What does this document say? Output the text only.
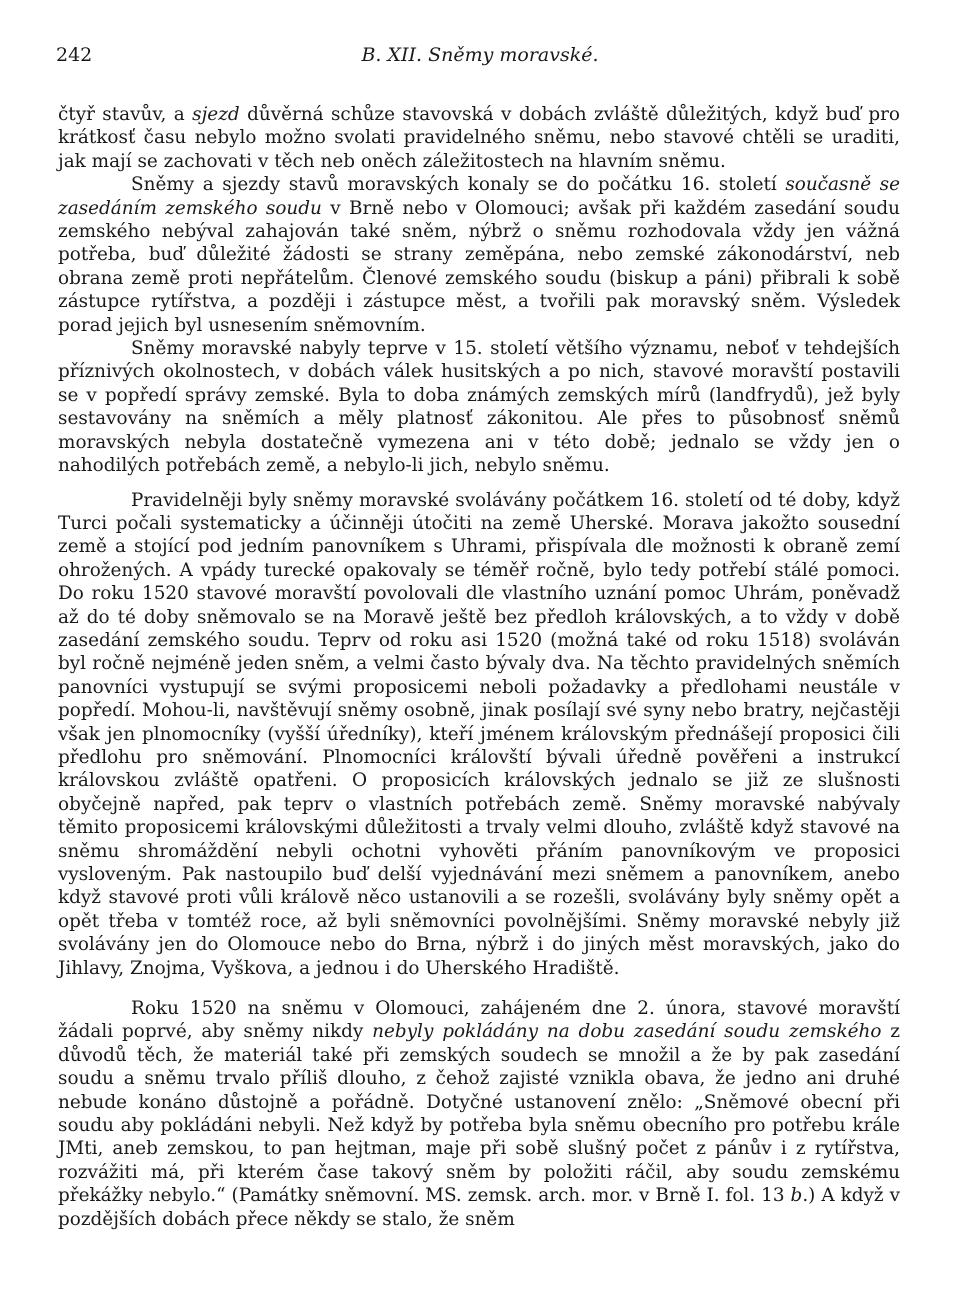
242	B. XII. Sněmy moravské.

čtyř stavův, a sjezd důvěrná schůze stavovská v dobách zvláště důležitých, když buď pro krátkosť času nebylo možno svolati pravidelného sněmu, nebo stavové chtěli se uraditi, jak mají se zachovati v těch neb oněch záležitostech na hlavním sněmu.

Sněmy a sjezdy stavů moravských konaly se do počátku 16. století současně se zasedáním zemského soudu v Brně nebo v Olomouci; avšak při každém zasedání soudu zemského nebýval zahajován také sněm, nýbrž o sněmu rozhodovala vždy jen vážná potřeba, buď důležité žádosti se strany zeměpána, nebo zemské zákonodárství, neb obrana země proti nepřátelům. Členové zemského soudu (biskup a páni) přibrali k sobě zástupce rytířstva, a později i zástupce měst, a tvořili pak moravský sněm. Výsledek porad jejich byl usnesením sněmovním.

Sněmy moravské nabyly teprve v 15. století většího významu, neboť v tehdejších příznivých okolnostech, v dobách válek husitských a po nich, stavové moravští postavili se v popředí správy zemské. Byla to doba známých zemských mírů (landfrydů), jež byly sestavovány na sněmích a měly platnosť zákonitou. Ale přes to působnosť sněmů moravských nebyla dostatečně vymezena ani v této době; jednalo se vždy jen o nahodilých potřebách země, a nebylo-li jich, nebylo sněmu.

Pravidelněji byly sněmy moravské svolávány počátkem 16. století od té doby, když Turci počali systematicky a účinněji útočiti na země Uherské. Morava jakožto sousední země a stojící pod jedním panovníkem s Uhrami, přispívala dle možnosti k obraně zemí ohrožených. A vpády turecké opakovaly se téměř ročně, bylo tedy potřebí stálé pomoci. Do roku 1520 stavové moravští povolovali dle vlastního uznání pomoc Uhrám, poněvadž až do té doby sněmovalo se na Moravě ještě bez předloh královských, a to vždy v době zasedání zemského soudu. Teprv od roku asi 1520 (možná také od roku 1518) svoláván byl ročně nejméně jeden sněm, a velmi často bývaly dva. Na těchto pravidelných sněmích panovníci vystupují se svými proposicemi neboli požadavky a předlohami neustále v popředí. Mohou-li, navštěvují sněmy osobně, jinak posílají své syny nebo bratry, nejčastěji však jen plnomocníky (vyšší úředníky), kteří jménem královským přednášejí proposici čili předlohu pro sněmování. Plnomocníci královští bývali úředně pověřeni a instrukcí královskou zvláště opatřeni. O proposicích královských jednalo se již ze slušnosti obyčejně napřed, pak teprv o vlastních potřebách země. Sněmy moravské nabývaly těmito proposicemi královskými důležitosti a trvaly velmi dlouho, zvláště když stavové na sněmu shromáždění nebyli ochotni vyhověti přáním panovníkovým ve proposici vysloveným. Pak nastoupilo buď delší vyjednávání mezi sněmem a panovníkem, anebo když stavové proti vůli králově něco ustanovili a se rozešli, svolávány byly sněmy opět a opět třeba v tomtéž roce, až byli sněmovníci povolnějšími. Sněmy moravské nebyly již svolávány jen do Olomouce nebo do Brna, nýbrž i do jiných měst moravských, jako do Jihlavy, Znojma, Vyškova, a jednou i do Uherského Hradiště.

Roku 1520 na sněmu v Olomouci, zahájeném dne 2. února, stavové moravští žádali poprvé, aby sněmy nikdy nebyly pokládány na dobu zasedání soudu zemského z důvodů těch, že materiál také při zemských soudech se množil a že by pak zasedání soudu a sněmu trvalo příliš dlouho, z čehož zajisté vznikla obava, že jedno ani druhé nebude konáno důstojně a pořádně. Dotyčné ustanovení znělo: „Sněmové obecní při soudu aby pokládáni nebyli. Než když by potřeba byla sněmu obecního pro potřebu krále JMti, aneb zemskou, to pan hejtman, maje při sobě slušný počet z pánův i z rytířstva, rozvážiti má, při kterém čase takový sněm by položiti ráčil, aby soudu zemskému překážky nebylo.“ (Památky sněmovní. MS. zemsk. arch. mor. v Brně I. fol. 13 b.) A když v pozdějších dobách přece někdy se stalo, že sněm
